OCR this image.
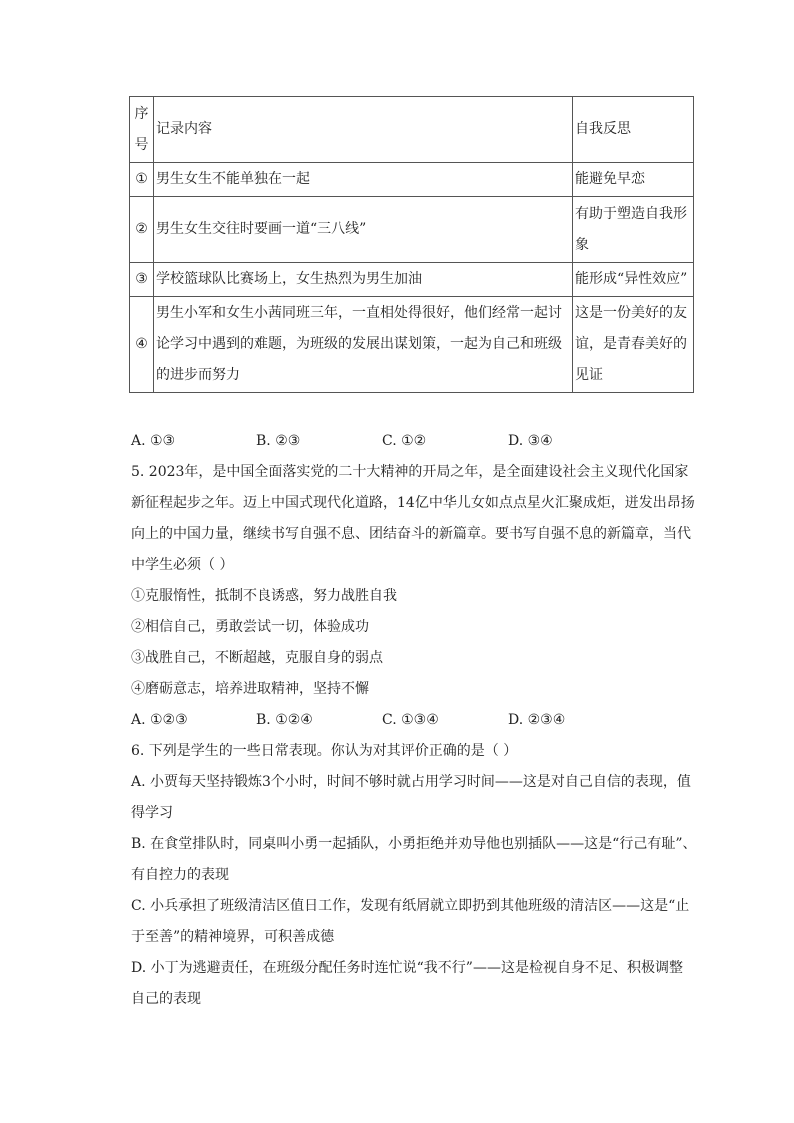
序号	记录内容	自我反思
①	男生女生不能单独在一起	能避免早恋
②	男生女生交往时要画一道“三八线”	有助于塑造自我形象
③	学校篮球队比赛场上，女生热烈为男生加油	能形成“异性效应”
④	男生小军和女生小茜同班三年，一直相处得很好，他们经常一起讨论学习中遇到的难题，为班级的发展出谋划策，一起为自己和班级的进步而努力	这是一份美好的友谊，是青春美好的见证
A. ①③	B. ②③	C. ①②	D. ③④
5. 2023年，是中国全面落实党的二十大精神的开局之年，是全面建设社会主义现代化国家
新征程起步之年。迈上中国式现代化道路，14亿中华儿女如点点星火汇聚成炬，迸发出昂扬
向上的中国力量，继续书写自强不息、团结奋斗的新篇章。要书写自强不息的新篇章，当代
中学生必须（ ）
①克服惰性，抵制不良诱惑，努力战胜自我
②相信自己，勇敢尝试一切，体验成功
③战胜自己，不断超越，克服自身的弱点
④磨砺意志，培养进取精神，坚持不懈
A. ①②③	B. ①②④	C. ①③④	D. ②③④
6. 下列是学生的一些日常表现。你认为对其评价正确的是（ ）
A. 小贾每天坚持锻炼3个小时，时间不够时就占用学习时间——这是对自己自信的表现，值
得学习
B. 在食堂排队时，同桌叫小勇一起插队，小勇拒绝并劝导他也别插队——这是“行己有耻”、
有自控力的表现
C. 小兵承担了班级清洁区值日工作，发现有纸屑就立即扔到其他班级的清洁区——这是“止
于至善”的精神境界，可积善成德
D. 小丁为逃避责任，在班级分配任务时连忙说“我不行”——这是检视自身不足、积极调整
自己的表现
